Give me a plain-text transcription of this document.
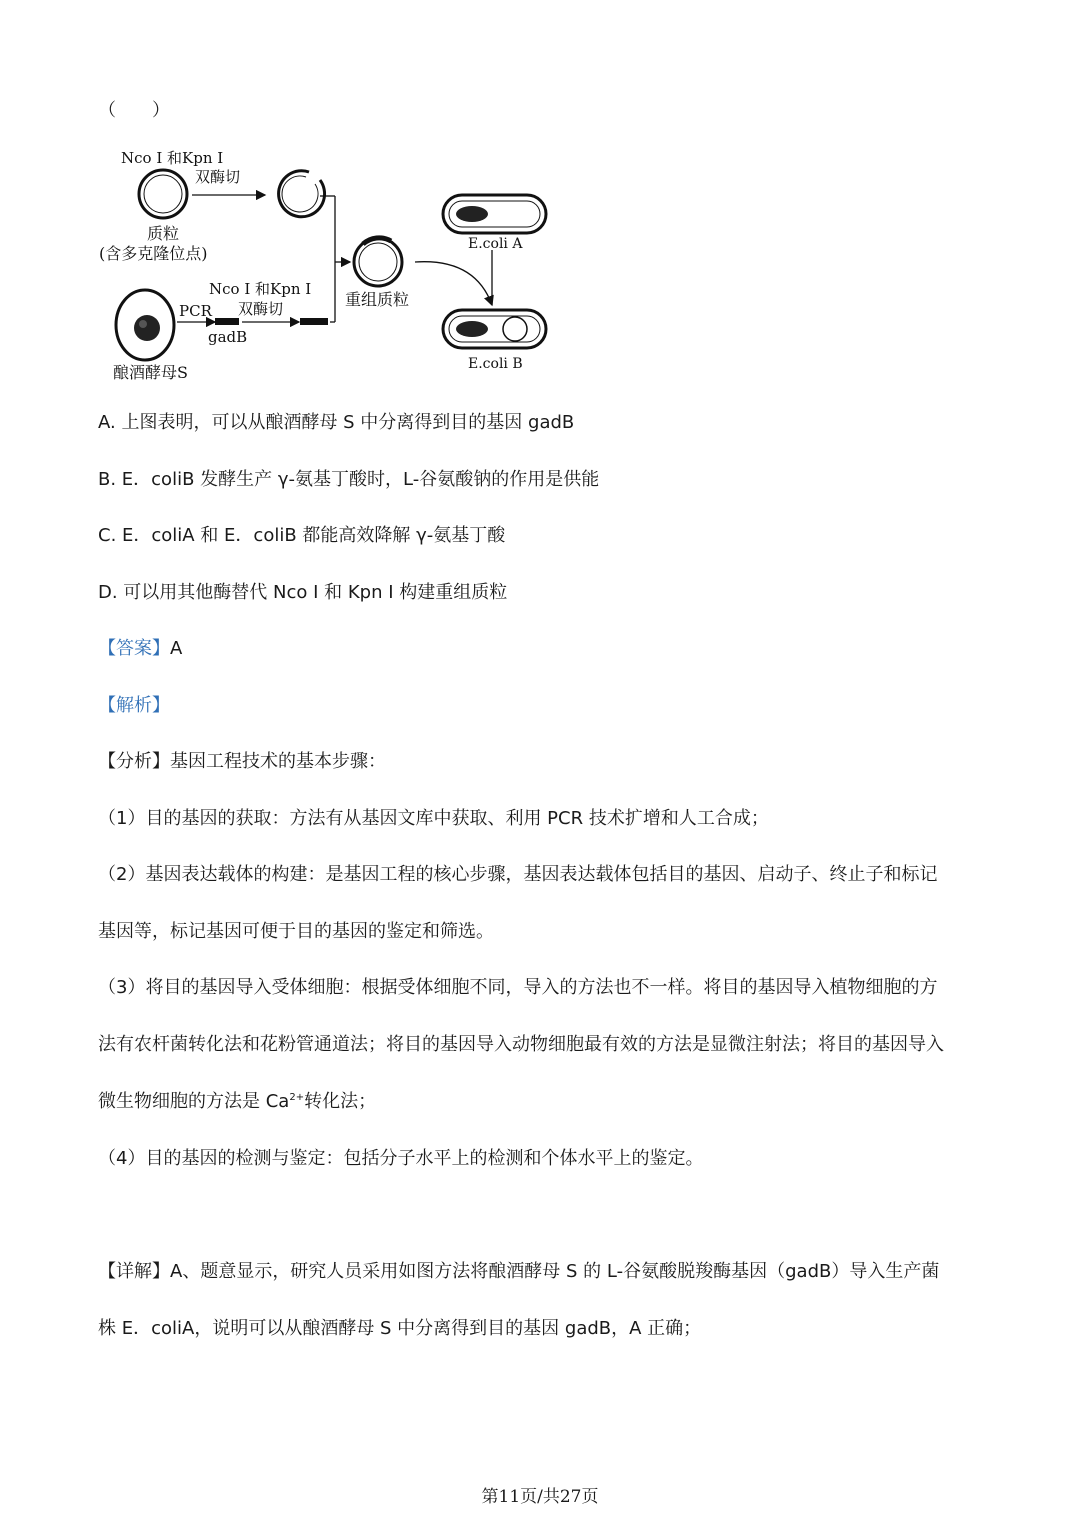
（　　）
Nco I 和Kpn I
双酶切
质粒
(含多克隆位点)
酿酒酵母S
PCR
gadB
Nco I 和Kpn I
双酶切	重组质粒
E.coli A
E.coli B
A. 上图表明，可以从酿酒酵母 S 中分离得到目的基因 gadB
B. E．coliB 发酵生产 γ-氨基丁酸时，L-谷氨酸钠的作用是供能
C. E．coliA 和 E．coliB 都能高效降解 γ-氨基丁酸
D. 可以用其他酶替代 Nco I 和 Kpn I 构建重组质粒
【答案】A
【解析】
【分析】基因工程技术的基本步骤：
（1）目的基因的获取：方法有从基因文库中获取、利用 PCR 技术扩增和人工合成；
（2）基因表达载体的构建：是基因工程的核心步骤，基因表达载体包括目的基因、启动子、终止子和标记
基因等，标记基因可便于目的基因的鉴定和筛选。
（3）将目的基因导入受体细胞：根据受体细胞不同，导入的方法也不一样。将目的基因导入植物细胞的方
法有农杆菌转化法和花粉管通道法；将目的基因导入动物细胞最有效的方法是显微注射法；将目的基因导入
微生物细胞的方法是 $Ca^{2+}$转化法；
（4）目的基因的检测与鉴定：包括分子水平上的检测和个体水平上的鉴定。
【详解】A、题意显示，研究人员采用如图方法将酿酒酵母 S 的 L-谷氨酸脱羧酶基因（gadB）导入生产菌
株 E．coliA，说明可以从酿酒酵母 S 中分离得到目的基因 gadB，A 正确；
第11页/共27页
